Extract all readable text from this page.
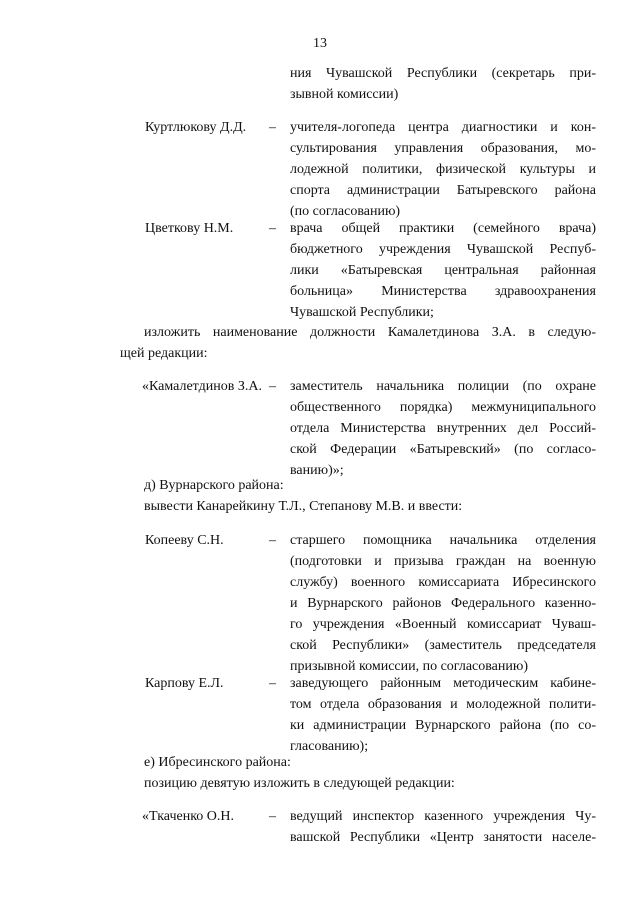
13
ния Чувашской Республики (секретарь при-
зывной комиссии)
Куртлюкову Д.Д. – учителя-логопеда центра диагностики и кон-
сультирования управления образования, мо-
лодежной политики, физической культуры и
спорта администрации Батыревского района
(по согласованию)
Цветкову Н.М.	– врача общей практики (семейного врача)
бюджетного учреждения Чувашской Респуб-
лики «Батыревская центральная районная
больница» Министерства здравоохранения
Чувашской Республики;
изложить наименование должности Камалетдинова З.А. в следую-
щей редакции:
«Камалетдинов З.А. – заместитель начальника полиции (по охране
общественного порядка) межмуниципального
отдела Министерства внутренних дел Россий-
ской Федерации «Батыревский» (по согласо-
ванию)»;
д) Вурнарского района:
вывести Канарейкину Т.Л., Степанову М.В. и ввести:
Копееву С.Н.	– старшего помощника начальника отделения
(подготовки и призыва граждан на военную
службу) военного комиссариата Ибресинского
и Вурнарского районов Федерального казенно-
го учреждения «Военный комиссариат Чуваш-
ской Республики» (заместитель председателя
призывной комиссии, по согласованию)
Карпову Е.Л.	– заведующего районным методическим кабине-
том отдела образования и молодежной полити-
ки администрации Вурнарского района (по со-
гласованию);
е) Ибресинского района:
позицию девятую изложить в следующей редакции:
«Ткаченко О.Н. – ведущий инспектор казенного учреждения Чу-
вашской Республики «Центр занятости населе-
